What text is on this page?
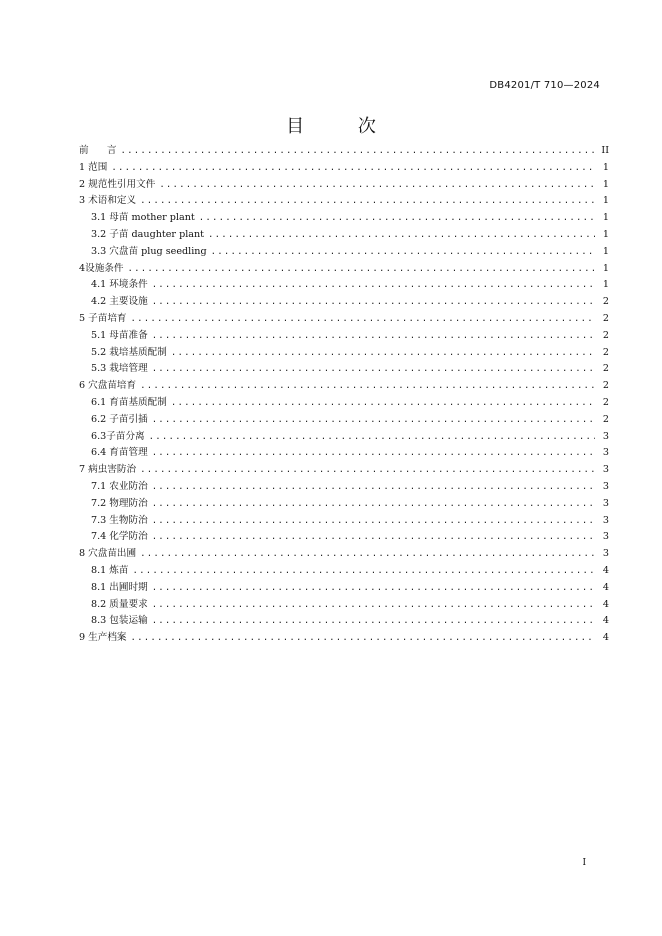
DB4201/T 710—2024
目 次
前      言 .....	II
1 范围 .....	1
2 规范性引用文件 .....	1
3 术语和定义 .....	1
3.1 母苗 mother plant .....	1
3.2 子苗 daughter plant .....	1
3.3 穴盘苗 plug seedling .....	1
4设施条件 .....	1
4.1 环境条件 .....	1
4.2 主要设施 .....	2
5 子苗培育 .....	2
5.1 母苗准备 .....	2
5.2 栽培基质配制 .....	2
5.3 栽培管理 .....	2
6 穴盘苗培育 .....	2
6.1 育苗基质配制 .....	2
6.2 子苗引插 .....	2
6.3子苗分离 .....	3
6.4 育苗管理 .....	3
7 病虫害防治 .....	3
7.1 农业防治 .....	3
7.2 物理防治 .....	3
7.3 生物防治 .....	3
7.4 化学防治 .....	3
8 穴盘苗出圃 .....	3
8.1 炼苗 .....	4
8.1 出圃时期 .....	4
8.2 质量要求 .....	4
8.3 包装运输 .....	4
9 生产档案 .....	4
I
